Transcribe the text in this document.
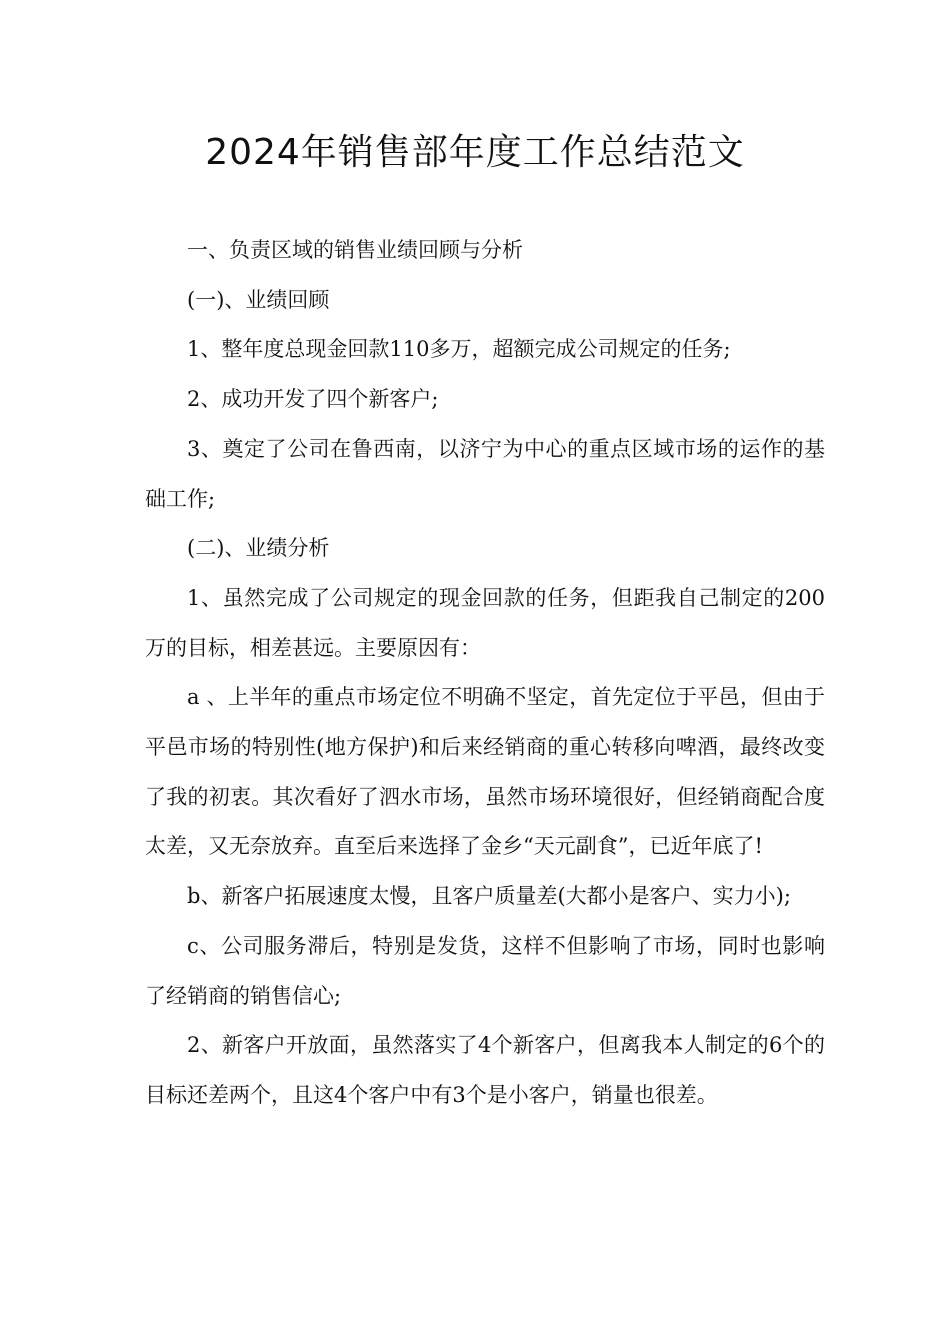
2024年销售部年度工作总结范文

一、负责区域的销售业绩回顾与分析

(一)、业绩回顾

1、整年度总现金回款110多万，超额完成公司规定的任务;

2、成功开发了四个新客户;

3、奠定了公司在鲁西南，以济宁为中心的重点区域市场的运作的基础工作;

(二)、业绩分析

1、虽然完成了公司规定的现金回款的任务，但距我自己制定的200万的目标，相差甚远。主要原因有：

a 、上半年的重点市场定位不明确不坚定，首先定位于平邑，但由于平邑市场的特别性(地方保护)和后来经销商的重心转移向啤酒，最终改变了我的初衷。其次看好了泗水市场，虽然市场环境很好，但经销商配合度太差，又无奈放弃。直至后来选择了金乡“天元副食”，已近年底了!

b、新客户拓展速度太慢，且客户质量差(大都小是客户、实力小);

c、公司服务滞后，特别是发货，这样不但影响了市场，同时也影响了经销商的销售信心;

2、新客户开放面，虽然落实了4个新客户，但离我本人制定的6个的目标还差两个，且这4个客户中有3个是小客户，销量也很差。
